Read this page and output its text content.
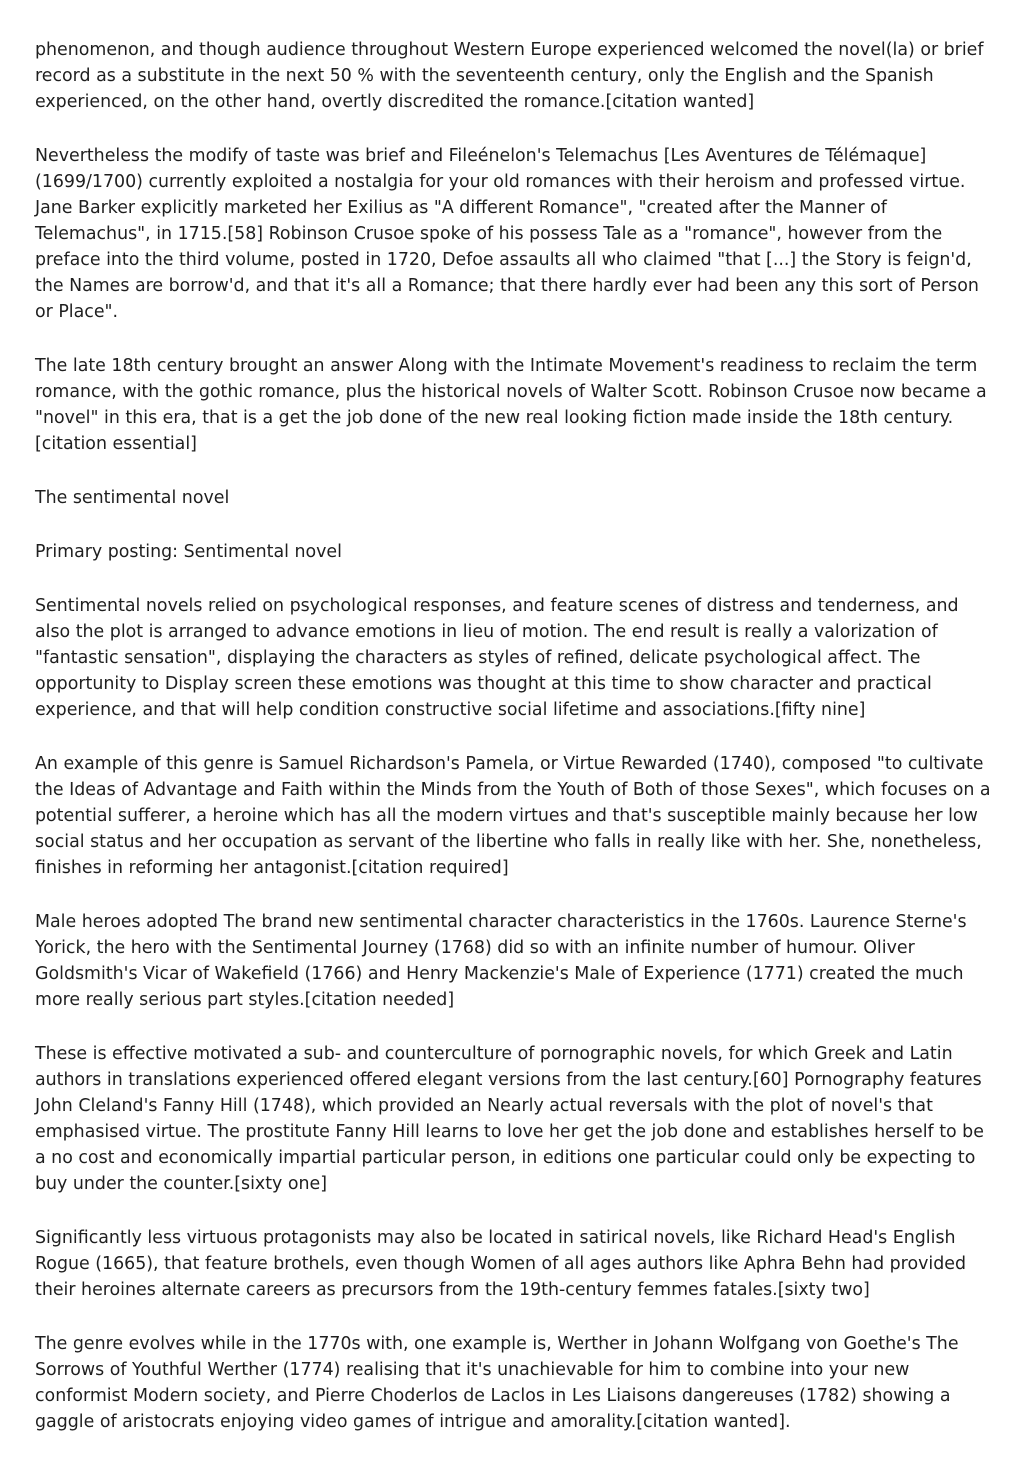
phenomenon, and though audience throughout Western Europe experienced welcomed the novel(la) or brief record as a substitute in the next 50 % with the seventeenth century, only the English and the Spanish experienced, on the other hand, overtly discredited the romance.[citation wanted]

Nevertheless the modify of taste was brief and Fileénelon's Telemachus [Les Aventures de Télémaque] (1699/1700) currently exploited a nostalgia for your old romances with their heroism and professed virtue. Jane Barker explicitly marketed her Exilius as "A different Romance", "created after the Manner of Telemachus", in 1715.[58] Robinson Crusoe spoke of his possess Tale as a "romance", however from the preface into the third volume, posted in 1720, Defoe assaults all who claimed "that [...] the Story is feign'd, the Names are borrow'd, and that it's all a Romance; that there hardly ever had been any this sort of Person or Place".

The late 18th century brought an answer Along with the Intimate Movement's readiness to reclaim the term romance, with the gothic romance, plus the historical novels of Walter Scott. Robinson Crusoe now became a "novel" in this era, that is a get the job done of the new real looking fiction made inside the 18th century.[citation essential]

The sentimental novel

Primary posting: Sentimental novel

Sentimental novels relied on psychological responses, and feature scenes of distress and tenderness, and also the plot is arranged to advance emotions in lieu of motion. The end result is really a valorization of "fantastic sensation", displaying the characters as styles of refined, delicate psychological affect. The opportunity to Display screen these emotions was thought at this time to show character and practical experience, and that will help condition constructive social lifetime and associations.[fifty nine]

An example of this genre is Samuel Richardson's Pamela, or Virtue Rewarded (1740), composed "to cultivate the Ideas of Advantage and Faith within the Minds from the Youth of Both of those Sexes", which focuses on a potential sufferer, a heroine which has all the modern virtues and that's susceptible mainly because her low social status and her occupation as servant of the libertine who falls in really like with her. She, nonetheless, finishes in reforming her antagonist.[citation required]

Male heroes adopted The brand new sentimental character characteristics in the 1760s. Laurence Sterne's Yorick, the hero with the Sentimental Journey (1768) did so with an infinite number of humour. Oliver Goldsmith's Vicar of Wakefield (1766) and Henry Mackenzie's Male of Experience (1771) created the much more really serious part styles.[citation needed]

These is effective motivated a sub- and counterculture of pornographic novels, for which Greek and Latin authors in translations experienced offered elegant versions from the last century.[60] Pornography features John Cleland's Fanny Hill (1748), which provided an Nearly actual reversals with the plot of novel's that emphasised virtue. The prostitute Fanny Hill learns to love her get the job done and establishes herself to be a no cost and economically impartial particular person, in editions one particular could only be expecting to buy under the counter.[sixty one]

Significantly less virtuous protagonists may also be located in satirical novels, like Richard Head's English Rogue (1665), that feature brothels, even though Women of all ages authors like Aphra Behn had provided their heroines alternate careers as precursors from the 19th-century femmes fatales.[sixty two]

The genre evolves while in the 1770s with, one example is, Werther in Johann Wolfgang von Goethe's The Sorrows of Youthful Werther (1774) realising that it's unachievable for him to combine into your new conformist Modern society, and Pierre Choderlos de Laclos in Les Liaisons dangereuses (1782) showing a gaggle of aristocrats enjoying video games of intrigue and amorality.[citation wanted].
